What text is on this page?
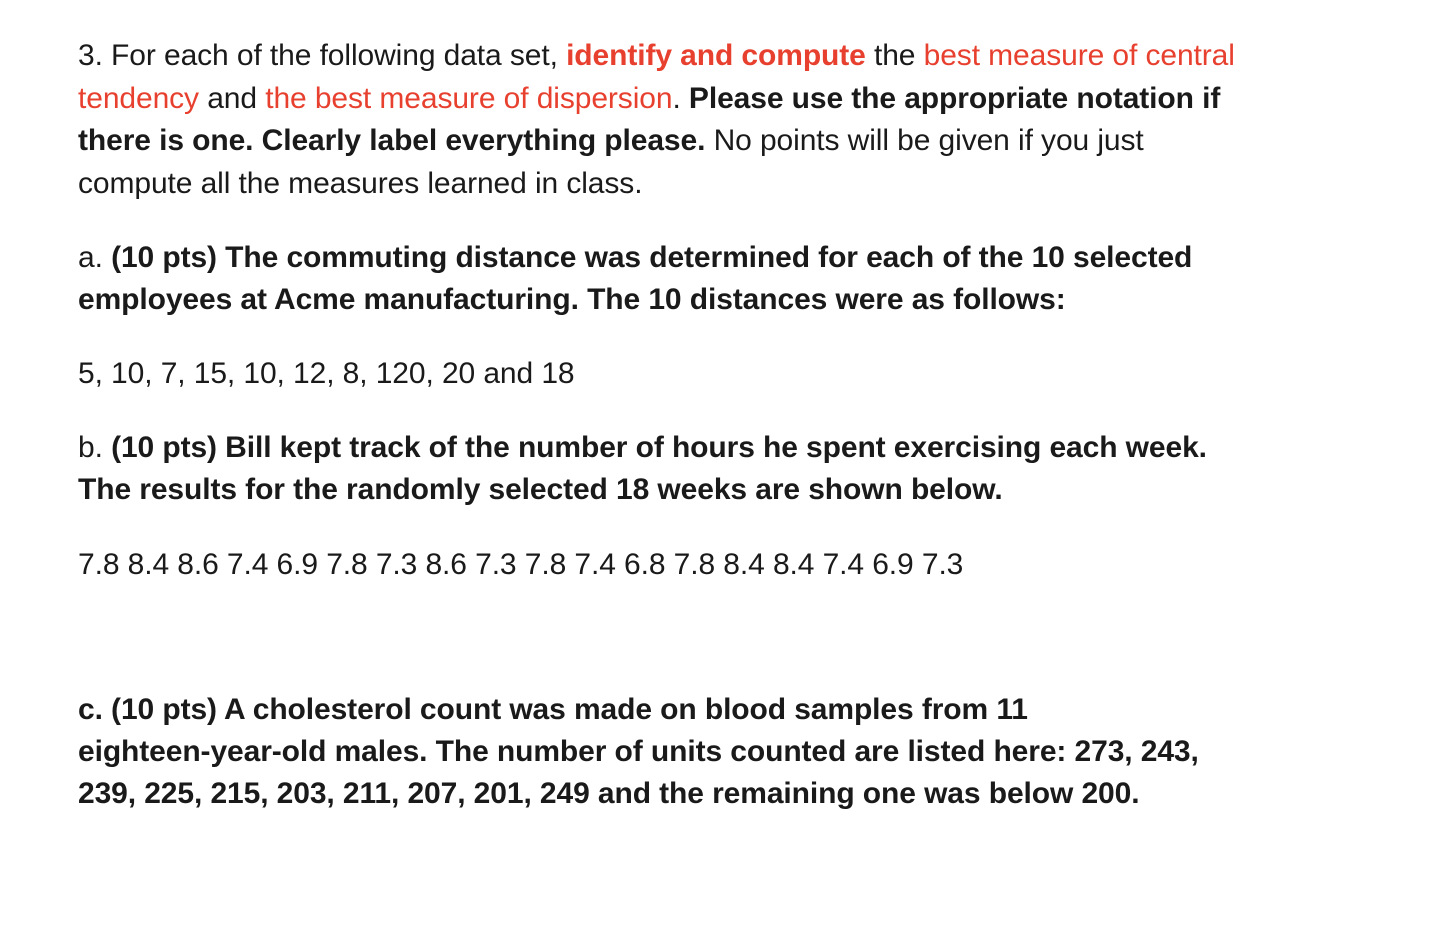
3. For each of the following data set, identify and compute the best measure of central

tendency and the best measure of dispersion. Please use the appropriate notation if

there is one. Clearly label everything please. No points will be given if you just

compute all the measures learned in class.

a. (10 pts) The commuting distance was determined for each of the 10 selected

employees at Acme manufacturing. The 10 distances were as follows:

5, 10, 7, 15, 10, 12, 8, 120, 20 and 18

b. (10 pts) Bill kept track of the number of hours he spent exercising each week.

The results for the randomly selected 18 weeks are shown below.

7.8 8.4 8.6 7.4 6.9 7.8 7.3 8.6 7.3 7.8 7.4 6.8 7.8 8.4 8.4 7.4 6.9 7.3

c. (10 pts) A cholesterol count was made on blood samples from 11

eighteen-year-old males. The number of units counted are listed here: 273, 243,

239, 225, 215, 203, 211, 207, 201, 249 and the remaining one was below 200.
